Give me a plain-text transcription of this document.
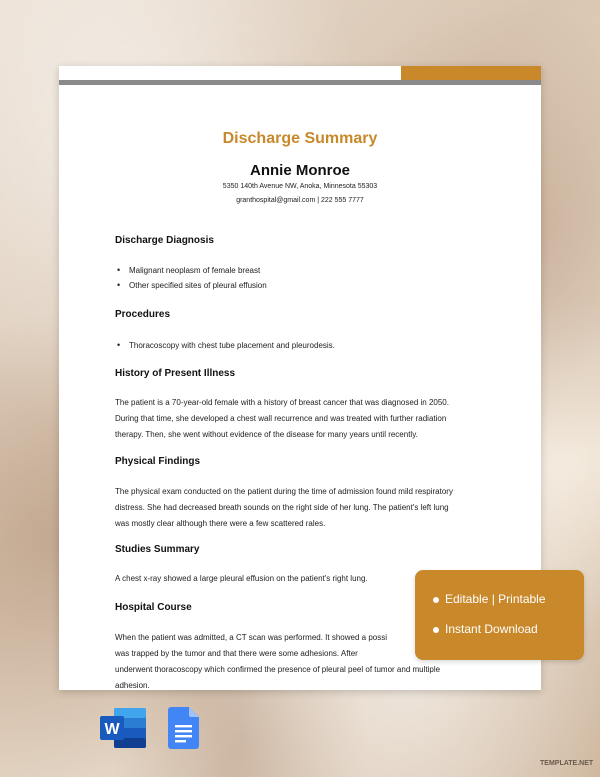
Discharge Summary
Annie Monroe
5350 140th Avenue NW, Anoka, Minnesota 55303
granthospital@gmail.com | 222 555 7777
Discharge Diagnosis
• Malignant neoplasm of female breast
• Other specified sites of pleural effusion
Procedures
• Thoracoscopy with chest tube placement and pleurodesis.
History of Present Illness
The patient is a 70-year-old female with a history of breast cancer that was diagnosed in 2050.
During that time, she developed a chest wall recurrence and was treated with further radiation
therapy. Then, she went without evidence of the disease for many years until recently.
Physical Findings
The physical exam conducted on the patient during the time of admission found mild respiratory
distress. She had decreased breath sounds on the right side of her lung. The patient's left lung
was mostly clear although there were a few scattered rales.
Studies Summary
A chest x-ray showed a large pleural effusion on the patient's right lung.
Hospital Course
When the patient was admitted, a CT scan was performed. It showed a possi
was trapped by the tumor and that there were some adhesions. After
underwent thoracoscopy which confirmed the presence of pleural peel of tumor and multiple
adhesion.
Editable | Printable
Instant Download
W
TEMPLATE.NET
